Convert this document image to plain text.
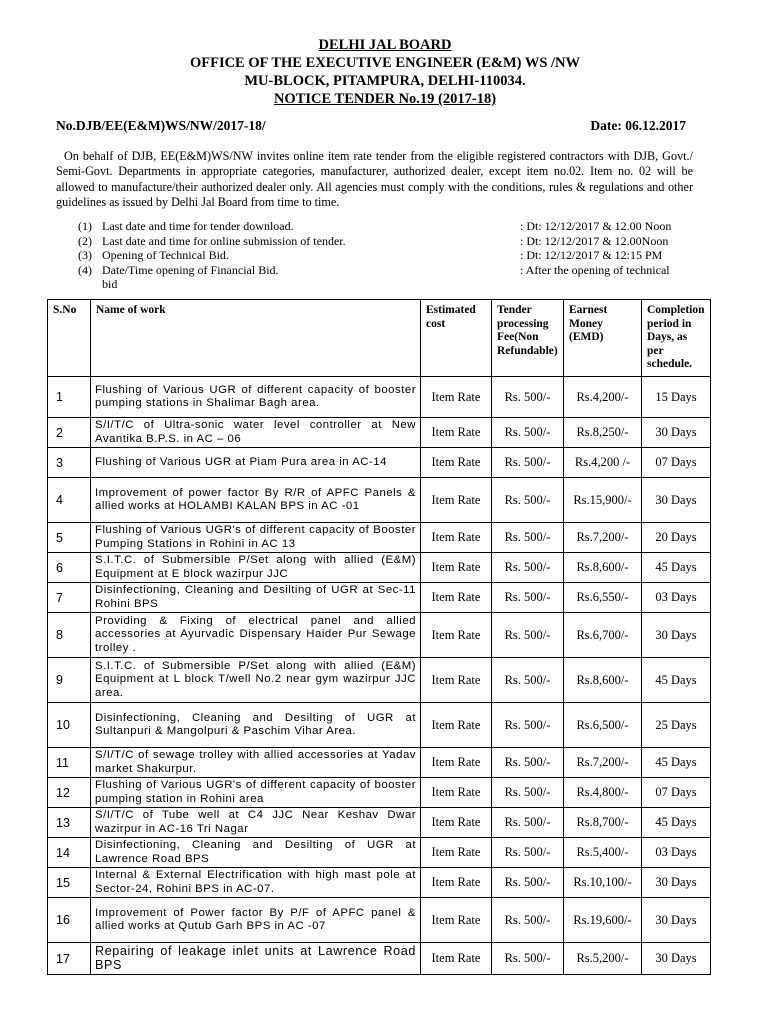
DELHI JAL BOARD
OFFICE OF THE EXECUTIVE ENGINEER (E&M) WS /NW
MU-BLOCK, PITAMPURA, DELHI-110034.
NOTICE TENDER No.19 (2017-18)
No.DJB/EE(E&M)WS/NW/2017-18/	Date: 06.12.2017

On behalf of DJB, EE(E&M)WS/NW invites online item rate tender from the eligible registered contractors with DJB, Govt./ Semi-Govt. Departments in appropriate categories, manufacturer, authorized dealer, except item no.02. Item no. 02 will be allowed to manufacture/their authorized dealer only. All agencies must comply with the conditions, rules & regulations and other guidelines as issued by Delhi Jal Board from time to time.

(1) Last date and time for tender download.	: Dt: 12/12/2017 & 12.00 Noon
(2) Last date and time for online submission of tender.	: Dt: 12/12/2017 & 12.00Noon
(3) Opening of Technical Bid.	: Dt: 12/12/2017 & 12:15 PM
(4) Date/Time opening of Financial Bid.	: After the opening of technical
bid
S.No	Name of work	Estimated cost	Tender processing Fee(Non Refundable)	Earnest Money (EMD)	Completion period in Days, as per schedule.
1	Flushing of Various UGR of different capacity of booster pumping stations in Shalimar Bagh area.	Item Rate	Rs. 500/-	Rs.4,200/-	15 Days
2	S/I/T/C of Ultra-sonic water level controller at New Avantika B.P.S. in AC – 06	Item Rate	Rs. 500/-	Rs.8,250/-	30 Days
3	Flushing of Various UGR at Piam Pura area in AC-14	Item Rate	Rs. 500/-	Rs.4,200 /-	07 Days
4	Improvement of power factor By R/R of APFC Panels & allied works at HOLAMBI KALAN BPS in AC -01	Item Rate	Rs. 500/-	Rs.15,900/-	30 Days
5	Flushing of Various UGR's of different capacity of Booster Pumping Stations in Rohini in AC 13	Item Rate	Rs. 500/-	Rs.7,200/-	20 Days
6	S.I.T.C. of Submersible P/Set along with allied (E&M) Equipment at E block wazirpur JJC	Item Rate	Rs. 500/-	Rs.8,600/-	45 Days
7	Disinfectioning, Cleaning and Desilting of UGR at Sec-11 Rohini BPS	Item Rate	Rs. 500/-	Rs.6,550/-	03 Days
8	Providing & Fixing of electrical panel and allied accessories at Ayurvadic Dispensary Haider Pur Sewage trolley .	Item Rate	Rs. 500/-	Rs.6,700/-	30 Days
9	S.I.T.C. of Submersible P/Set along with allied (E&M) Equipment at L block T/well No.2 near gym wazirpur JJC area.	Item Rate	Rs. 500/-	Rs.8,600/-	45 Days
10	Disinfectioning, Cleaning and Desilting of UGR at Sultanpuri & Mangolpuri & Paschim Vihar Area.	Item Rate	Rs. 500/-	Rs.6,500/-	25 Days
11	S/I/T/C of sewage trolley with allied accessories at Yadav market Shakurpur.	Item Rate	Rs. 500/-	Rs.7,200/-	45 Days
12	Flushing of Various UGR's of different capacity of booster pumping station in Rohini area	Item Rate	Rs. 500/-	Rs.4,800/-	07 Days
13	S/I/T/C of Tube well at C4 JJC Near Keshav Dwar wazirpur in AC-16 Tri Nagar	Item Rate	Rs. 500/-	Rs.8,700/-	45 Days
14	Disinfectioning, Cleaning and Desilting of UGR at Lawrence Road BPS	Item Rate	Rs. 500/-	Rs.5,400/-	03 Days
15	Internal & External Electrification with high mast pole at Sector-24, Rohini BPS in AC-07.	Item Rate	Rs. 500/-	Rs.10,100/-	30 Days
16	Improvement of Power factor By P/F of APFC panel & allied works at Qutub Garh BPS in AC -07	Item Rate	Rs. 500/-	Rs.19,600/-	30 Days
17	Repairing of leakage inlet units at Lawrence Road BPS	Item Rate	Rs. 500/-	Rs.5,200/-	30 Days
